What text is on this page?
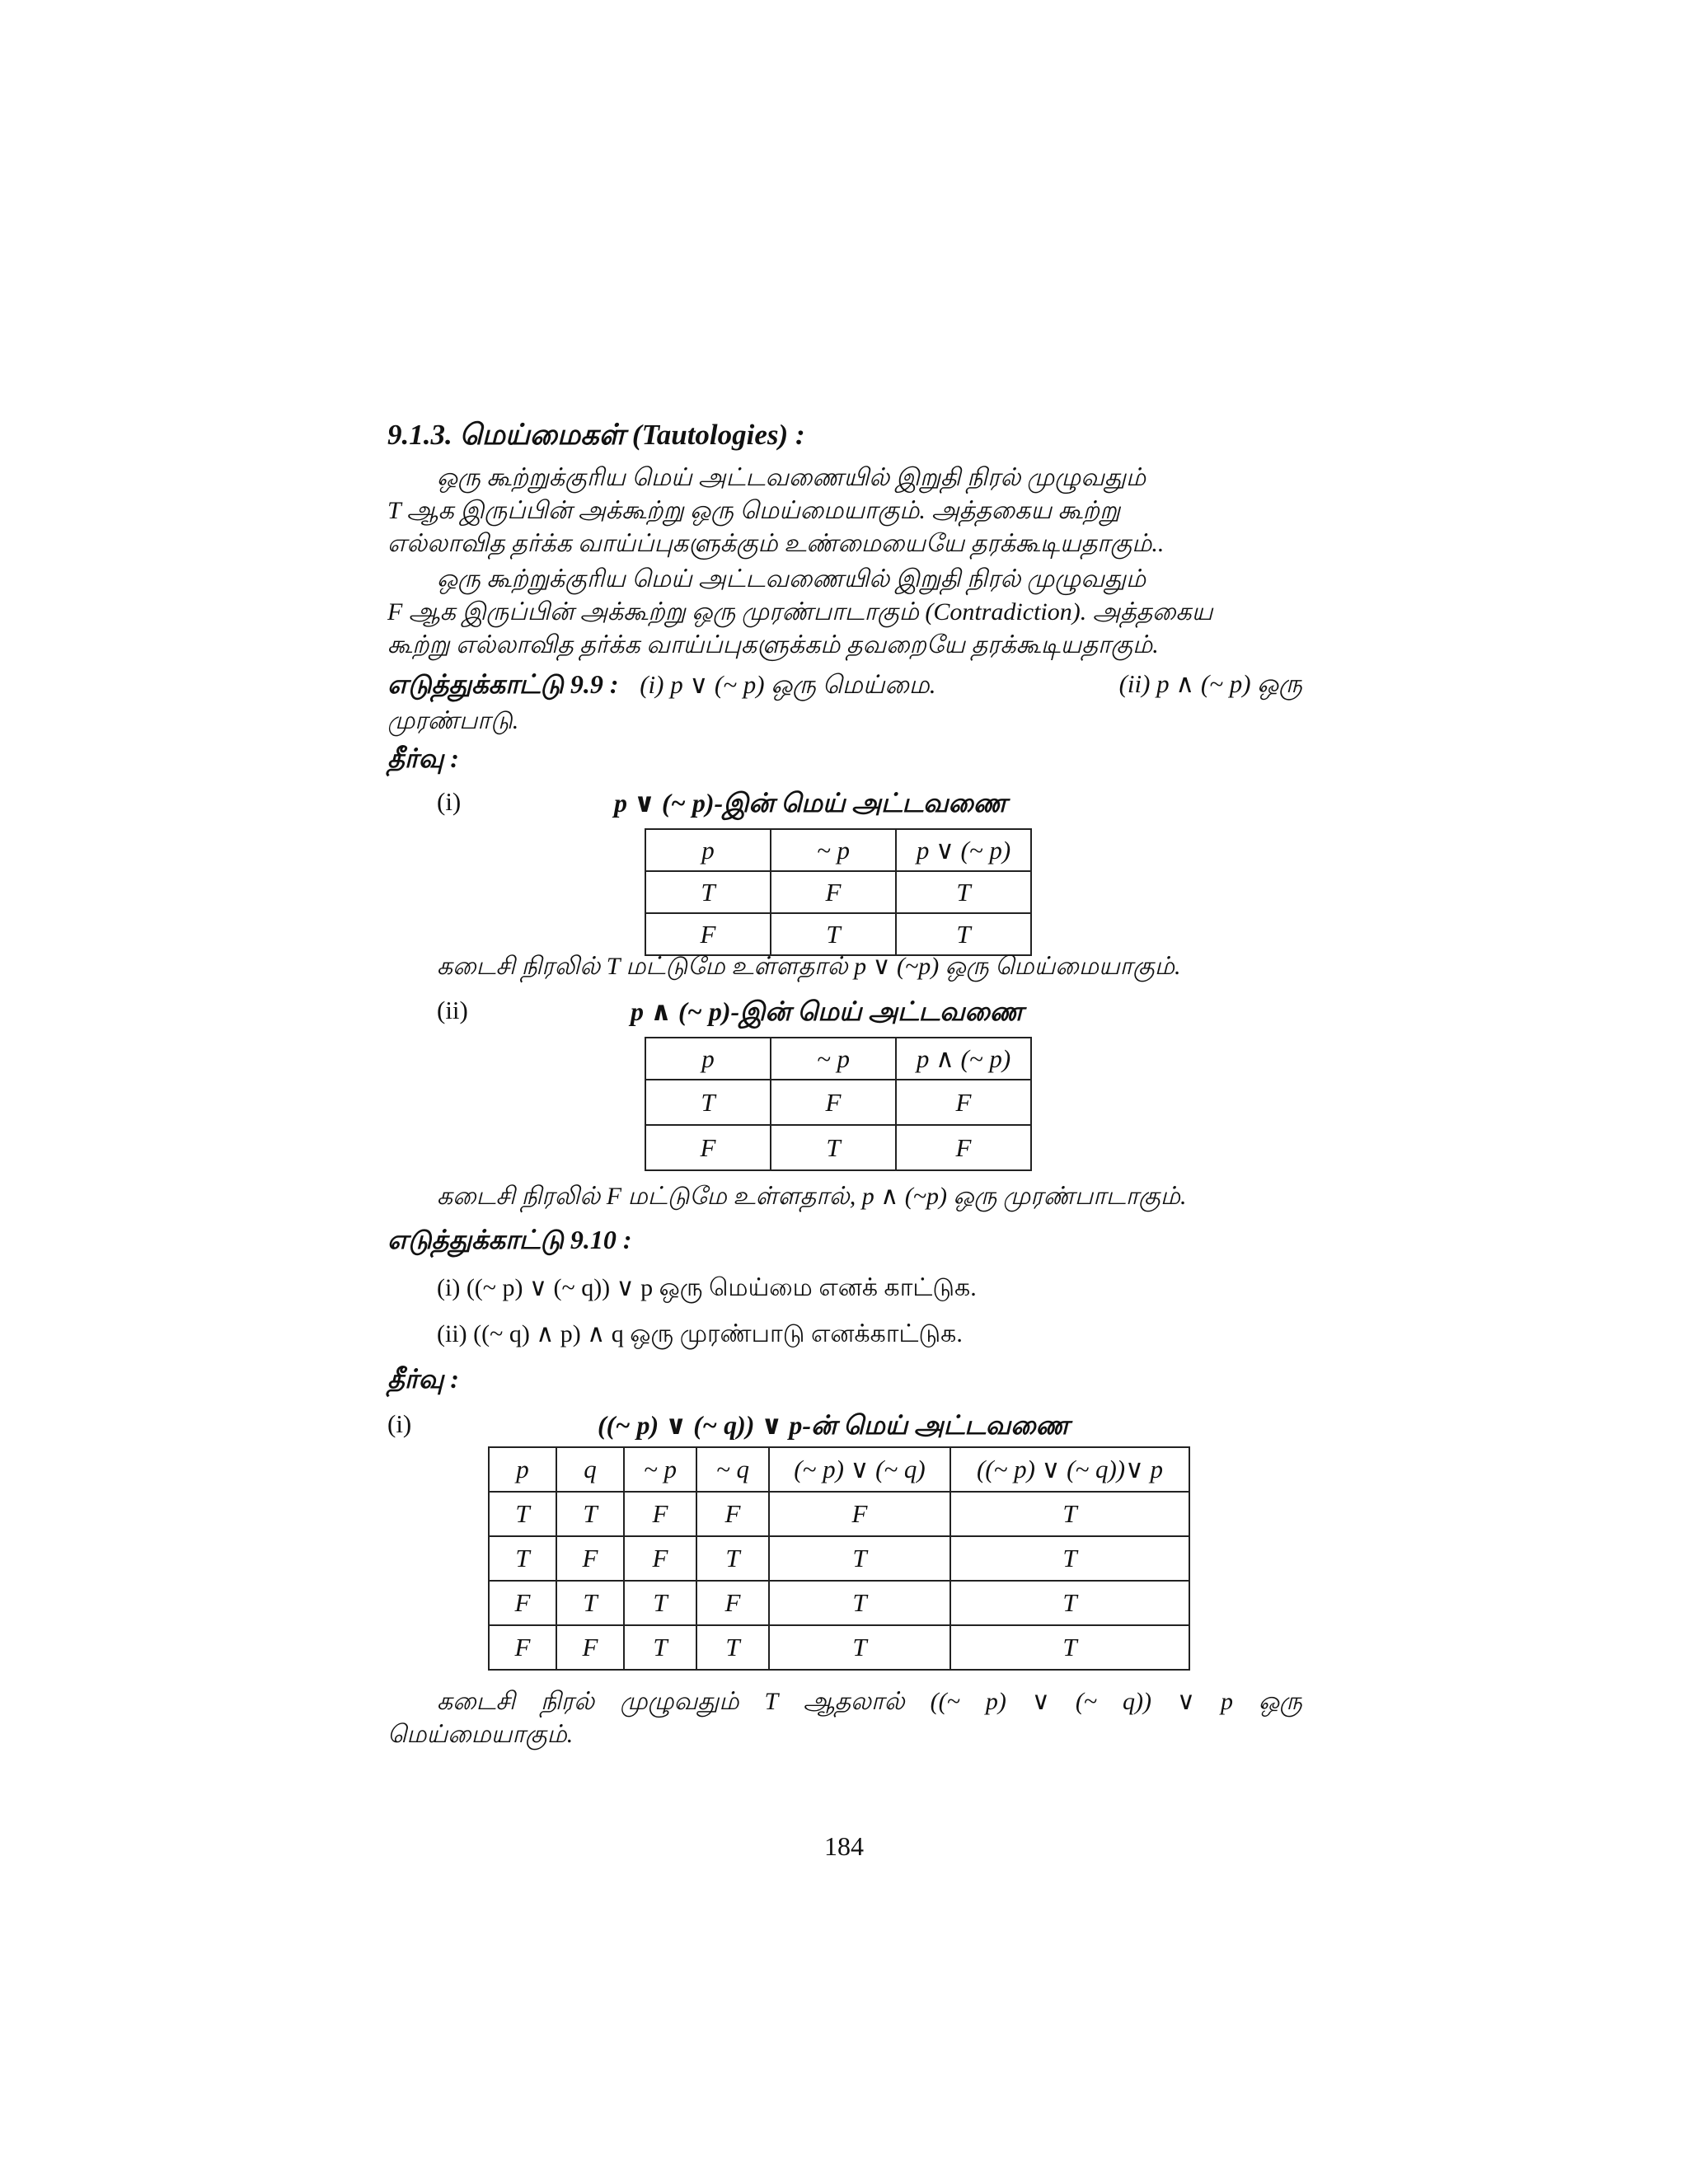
9.1.3. மெய்மைகள் (Tautologies) :
ஒரு கூற்றுக்குரிய மெய் அட்டவணையில் இறுதி நிரல் முழுவதும்
T ஆக இருப்பின் அக்கூற்று ஒரு மெய்மையாகும். அத்தகைய கூற்று
எல்லாவித தர்க்க வாய்ப்புகளுக்கும் உண்மையையே தரக்கூடியதாகும்..
ஒரு கூற்றுக்குரிய மெய் அட்டவணையில் இறுதி நிரல் முழுவதும்
F ஆக இருப்பின் அக்கூற்று ஒரு முரண்பாடாகும் (Contradiction). அத்தகைய
கூற்று எல்லாவித தர்க்க வாய்ப்புகளுக்கம் தவறையே தரக்கூடியதாகும்.
எடுத்துக்காட்டு 9.9 : (i) p ∨ (~ p) ஒரு மெய்மை.	(ii) p ∧ (~ p) ஒரு
முரண்பாடு.
தீர்வு :
(i)	p ∨ (~ p)-இன் மெய் அட்டவணை
p	~ p	p ∨ (~ p)
T	F	T
F	T	T
கடைசி நிரலில் T மட்டுமே உள்ளதால் p ∨ (~p) ஒரு மெய்மையாகும்.
(ii)	p ∧ (~ p)-இன் மெய் அட்டவணை
p	~ p	p ∧ (~ p)
T	F	F
F	T	F
கடைசி நிரலில் F மட்டுமே உள்ளதால், p ∧ (~p) ஒரு முரண்பாடாகும்.
எடுத்துக்காட்டு 9.10 :
(i) ((~ p) ∨ (~ q)) ∨ p ஒரு மெய்மை எனக் காட்டுக.
(ii) ((~ q) ∧ p) ∧ q ஒரு முரண்பாடு எனக்காட்டுக.
தீர்வு :
(i)	((~ p) ∨ (~ q)) ∨ p-ன் மெய் அட்டவணை
p	q	~ p	~ q	(~ p) ∨ (~ q)	((~ p) ∨ (~ q))∨ p
T	T	F	F	F	T
T	F	F	T	T	T
F	T	T	F	T	T
F	F	T	T	T	T
கடைசி நிரல் முழுவதும் T ஆதலால் ((~ p) ∨ (~ q)) ∨ p ஒரு
மெய்மையாகும்.
184
